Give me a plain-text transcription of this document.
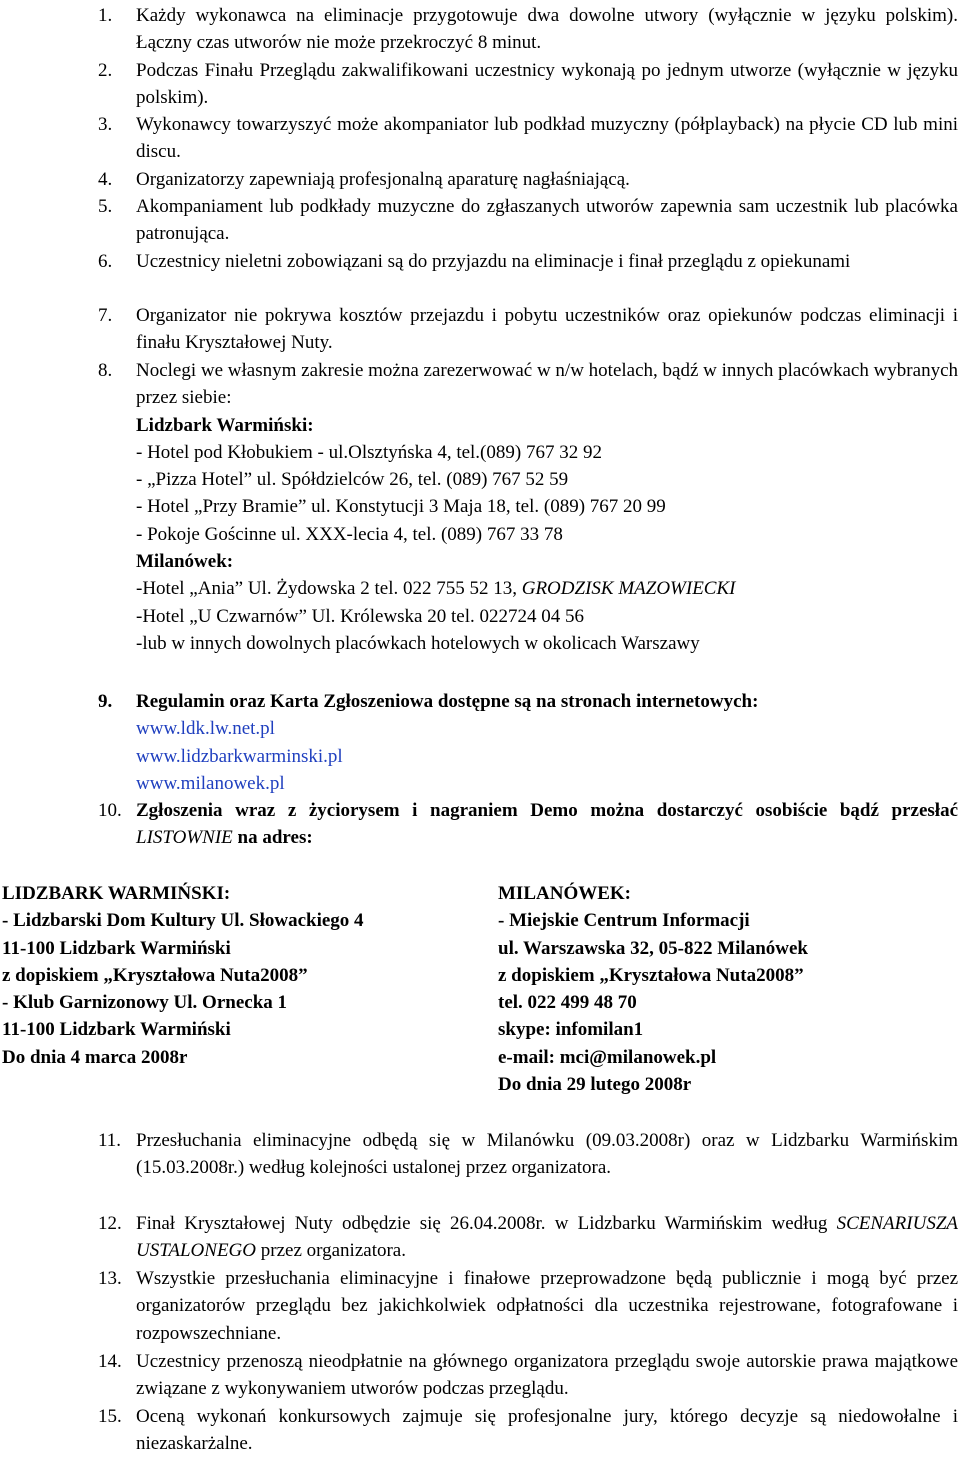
1. Każdy wykonawca na eliminacje przygotowuje dwa dowolne utwory (wyłącznie w języku polskim). Łączny czas utworów nie może przekroczyć 8 minut.
2. Podczas Finału Przeglądu zakwalifikowani uczestnicy wykonają po jednym utworze (wyłącznie w języku polskim).
3. Wykonawcy towarzyszyć może akompaniator lub podkład muzyczny (półplayback) na płycie CD lub mini discu.
4. Organizatorzy zapewniają profesjonalną aparaturę nagłaśniającą.
5. Akompaniament lub podkłady muzyczne do zgłaszanych utworów zapewnia sam uczestnik lub placówka patronująca.
6. Uczestnicy nieletni zobowiązani są do przyjazdu na eliminacje i finał przeglądu z opiekunami
7. Organizator nie pokrywa kosztów przejazdu i pobytu uczestników oraz opiekunów podczas eliminacji i finału Kryształowej Nuty.
8. Noclegi we własnym zakresie można zarezerwować w n/w hotelach, bądź w innych placówkach wybranych przez siebie:
Lidzbark Warmiński:
- Hotel pod Kłobukiem - ul.Olsztyńska 4, tel.(089) 767 32 92
- „Pizza Hotel” ul. Spółdzielców 26, tel. (089) 767 52 59
- Hotel „Przy Bramie” ul. Konstytucji 3 Maja 18, tel. (089) 767 20 99
- Pokoje Gościnne ul. XXX-lecia 4, tel. (089) 767 33 78
Milanówek:
-Hotel „Ania” Ul. Żydowska 2 tel. 022 755 52 13, GRODZISK MAZOWIECKI
-Hotel „U Czwarnów” Ul. Królewska 20 tel. 022724 04 56
-lub w innych dowolnych placówkach hotelowych w okolicach Warszawy
9. Regulamin oraz Karta Zgłoszeniowa dostępne są na stronach internetowych:
www.ldk.lw.net.pl
www.lidzbarkwarminski.pl
www.milanowek.pl
10. Zgłoszenia wraz z życiorysem i nagraniem Demo można dostarczyć osobiście bądź przesłać LISTOWNIE na adres:
LIDZBARK WARMIŃSKI:
- Lidzbarski Dom Kultury Ul. Słowackiego 4
11-100 Lidzbark Warmiński
z dopiskiem „Kryształowa Nuta2008”
- Klub Garnizonowy Ul. Ornecka 1
11-100 Lidzbark Warmiński
Do dnia 4 marca 2008r
MILANÓWEK:
- Miejskie Centrum Informacji
ul. Warszawska 32, 05-822 Milanówek
z dopiskiem „Kryształowa Nuta2008”
tel. 022 499 48 70
skype: infomilan1
e-mail: mci@milanowek.pl
Do dnia 29 lutego 2008r
11. Przesłuchania eliminacyjne odbędą się w Milanówku (09.03.2008r) oraz w Lidzbarku Warmińskim (15.03.2008r.) według kolejności ustalonej przez organizatora.
12. Finał Kryształowej Nuty odbędzie się 26.04.2008r. w Lidzbarku Warmińskim według SCENARIUSZA USTALONEGO przez organizatora.
13. Wszystkie przesłuchania eliminacyjne i finałowe przeprowadzone będą publicznie i mogą być przez organizatorów przeglądu bez jakichkolwiek odpłatności dla uczestnika rejestrowane, fotografowane i rozpowszechniane.
14. Uczestnicy przenoszą nieodpłatnie na głównego organizatora przeglądu swoje autorskie prawa majątkowe związane z wykonywaniem utworów podczas przeglądu.
15. Oceną wykonań konkursowych zajmuje się profesjonalne jury, którego decyzje są niedowołalne i niezaskarżalne.
